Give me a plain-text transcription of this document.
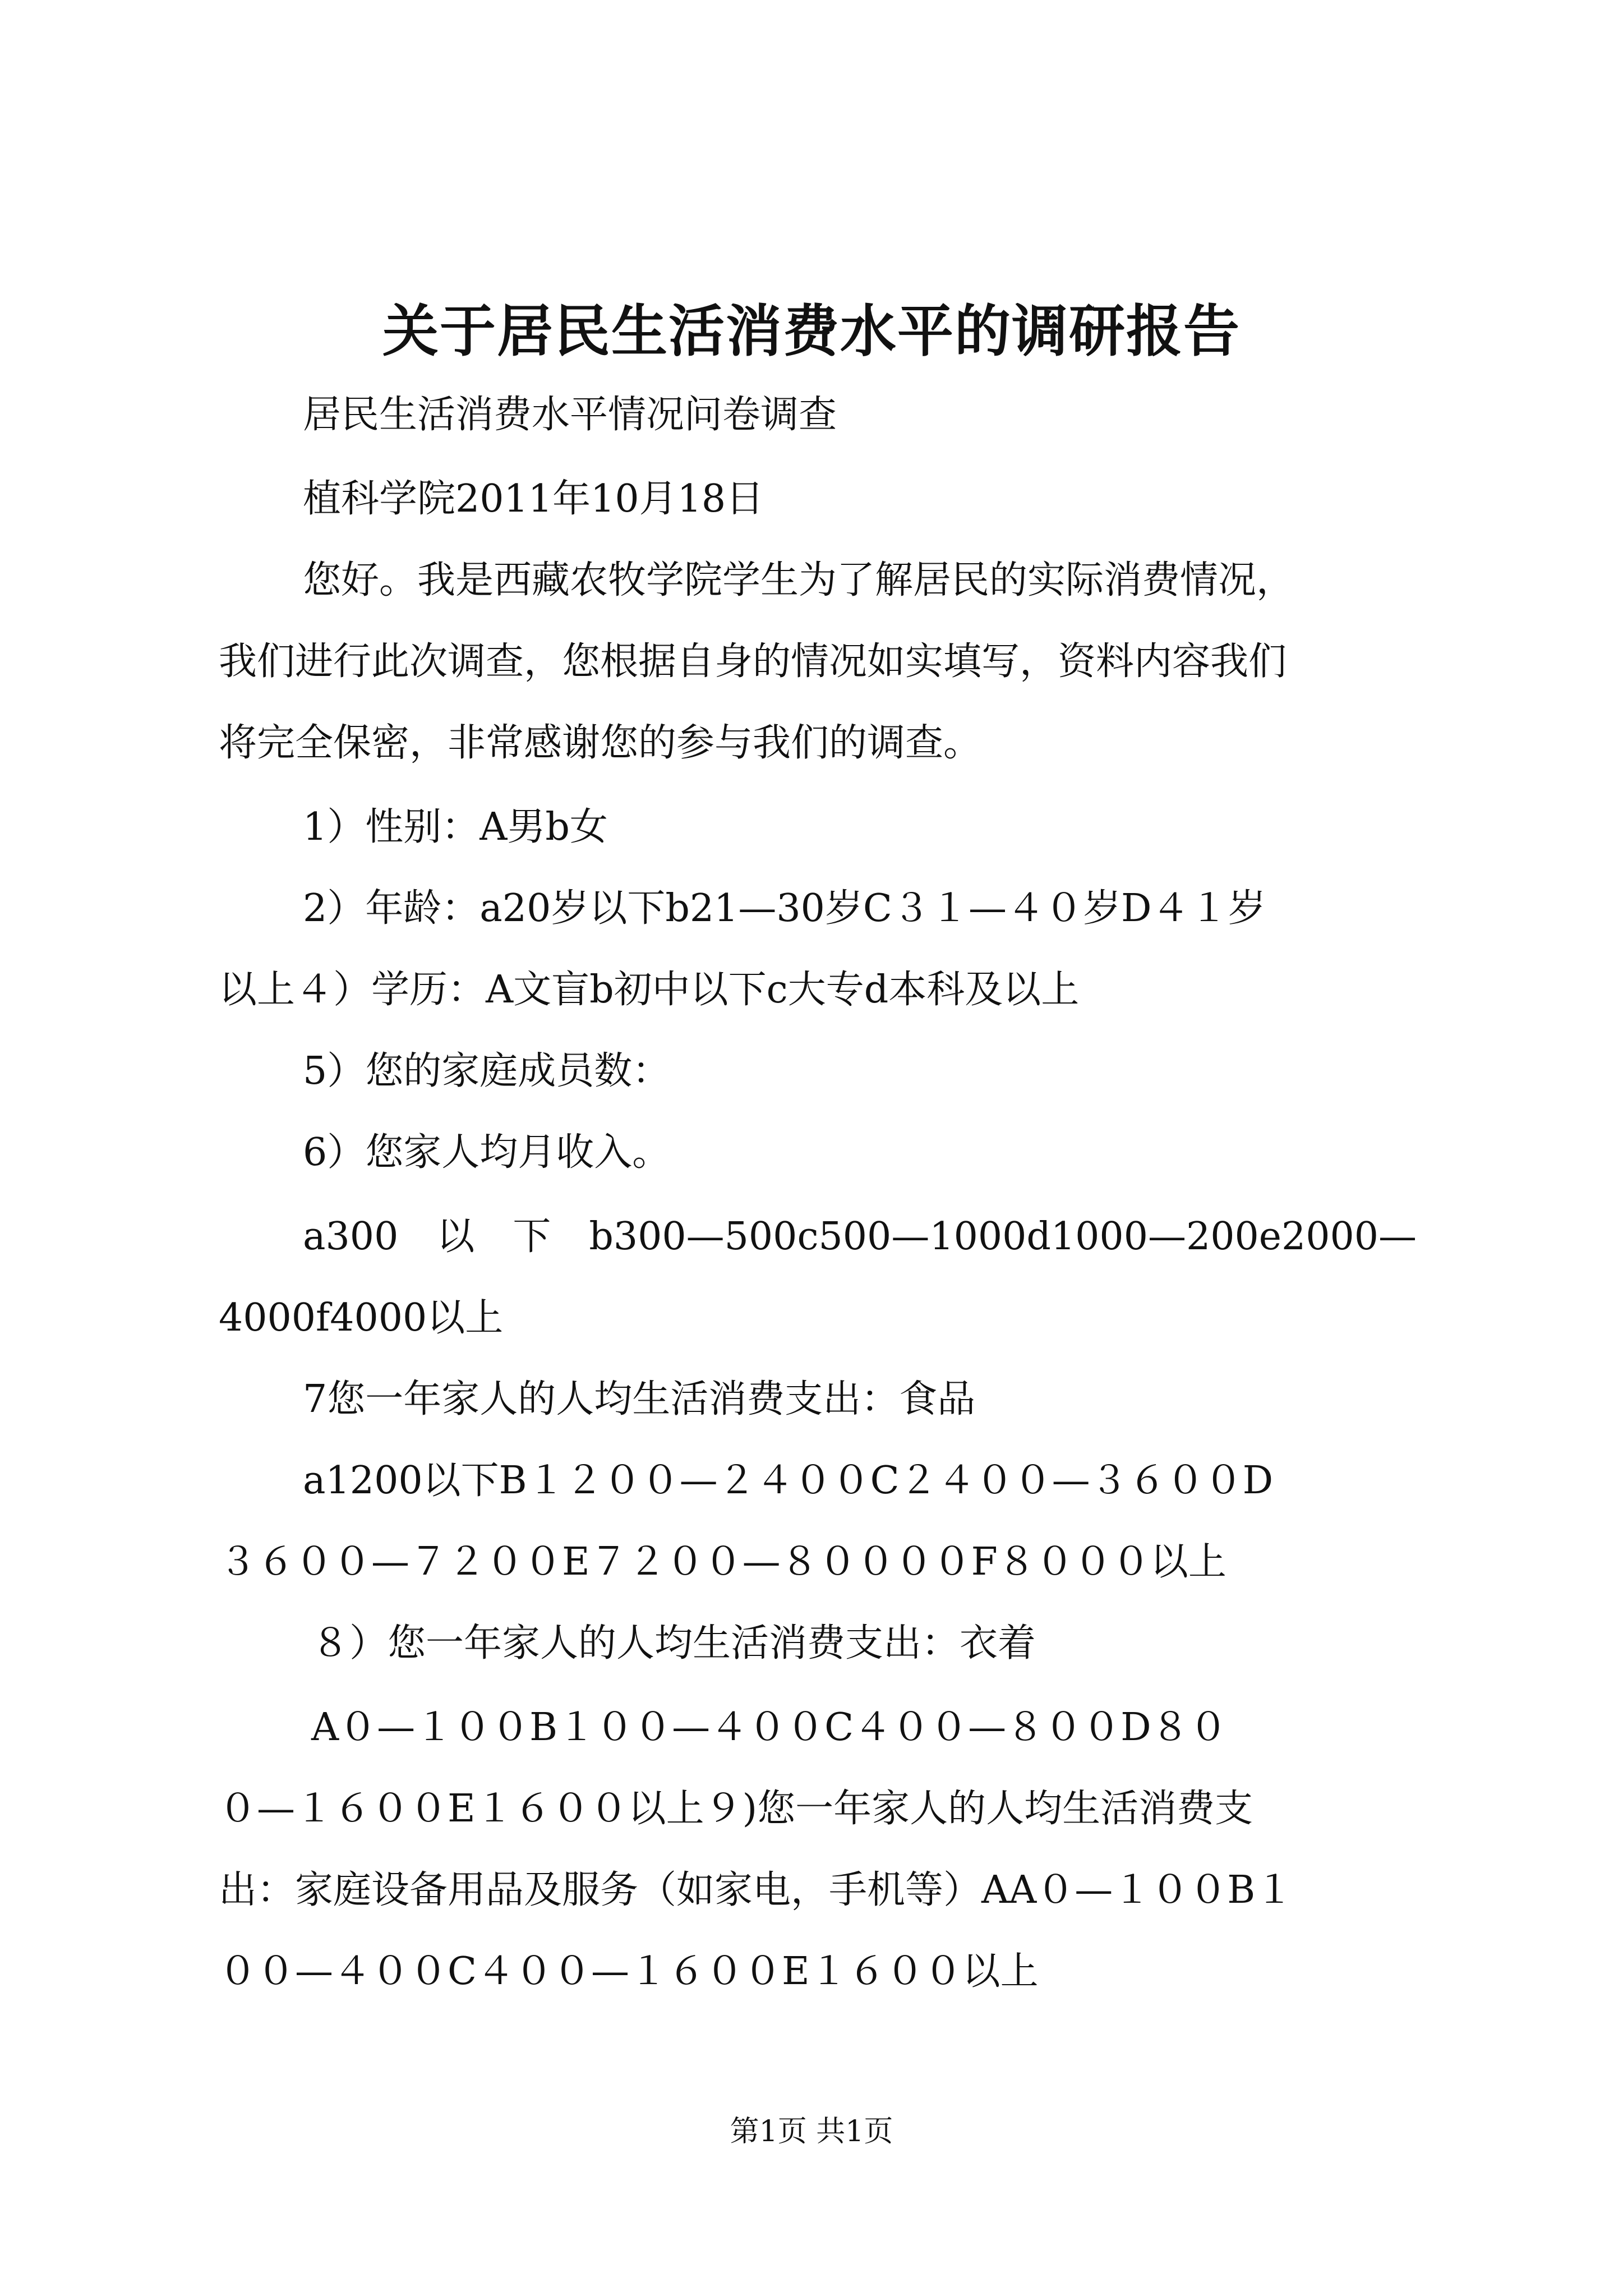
关于居民生活消费水平的调研报告
居民生活消费水平情况问卷调查
植科学院2011年10月18日
您好。我是西藏农牧学院学生为了解居民的实际消费情况，
我们进行此次调查，您根据自身的情况如实填写，资料内容我们
将完全保密，非常感谢您的参与我们的调查。
1）性别：A男b女
2）年龄：a20岁以下b21—30岁C３１—４０岁D４１岁
以上４）学历：A文盲b初中以下c大专d本科及以上
5）您的家庭成员数：
6）您家人均月收入。
a300　以　下　b300—500c500—1000d1000—200e2000—
4000f4000以上
7您一年家人的人均生活消费支出：食品
a1200以下B１２００—２４００C２４００—３６００D
３６００—７２００E７２００—８００００F８０００以上
８）您一年家人的人均生活消费支出：衣着
A０—１００B１００—４００C４００—８００D８０
０—１６００E１６００以上９)您一年家人的人均生活消费支
出：家庭设备用品及服务（如家电，手机等）AA０—１００B１
００—４００C４００—１６００E１６００以上
第1页 共1页
